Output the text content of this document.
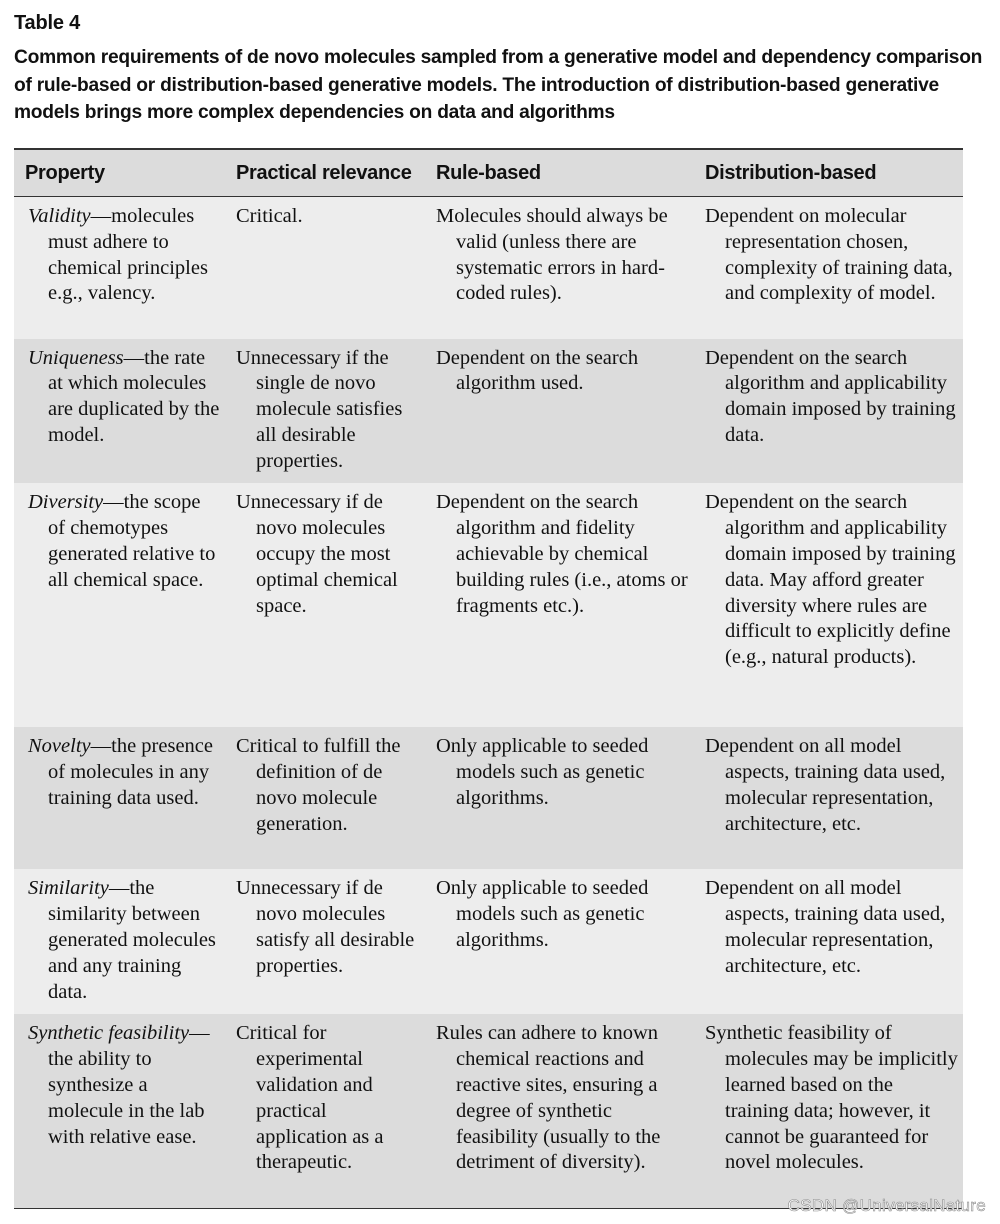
Table 4
Common requirements of de novo molecules sampled from a generative model and dependency comparison of rule-based or distribution-based generative models. The introduction of distribution-based generative models brings more complex dependencies on data and algorithms
Property	Practical relevance	Rule-based	Distribution-based

Validity—molecules must adhere to chemical principles e.g., valency.	Critical.	Molecules should always be valid (unless there are systematic errors in hard-coded rules).	Dependent on molecular representation chosen, complexity of training data, and complexity of model.

Uniqueness—the rate at which molecules are duplicated by the model.	Unnecessary if the single de novo molecule satisfies all desirable properties.	Dependent on the search algorithm used.	Dependent on the search algorithm and applicability domain imposed by training data.

Diversity—the scope of chemotypes generated relative to all chemical space.	Unnecessary if de novo molecules occupy the most optimal chemical space.	Dependent on the search algorithm and fidelity achievable by chemical building rules (i.e., atoms or fragments etc.).	Dependent on the search algorithm and applicability domain imposed by training data. May afford greater diversity where rules are difficult to explicitly define (e.g., natural products).

Novelty—the presence of molecules in any training data used.	Critical to fulfill the definition of de novo molecule generation.	Only applicable to seeded models such as genetic algorithms.	Dependent on all model aspects, training data used, molecular representation, architecture, etc.

Similarity—the similarity between generated molecules and any training data.	Unnecessary if de novo molecules satisfy all desirable properties.	Only applicable to seeded models such as genetic algorithms.	Dependent on all model aspects, training data used, molecular representation, architecture, etc.

Synthetic feasibility—the ability to synthesize a molecule in the lab with relative ease.	Critical for experimental validation and practical application as a therapeutic.	Rules can adhere to known chemical reactions and reactive sites, ensuring a degree of synthetic feasibility (usually to the detriment of diversity).	Synthetic feasibility of molecules may be implicitly learned based on the training data; however, it cannot be guaranteed for novel molecules.
CSDN @UniversalNature
